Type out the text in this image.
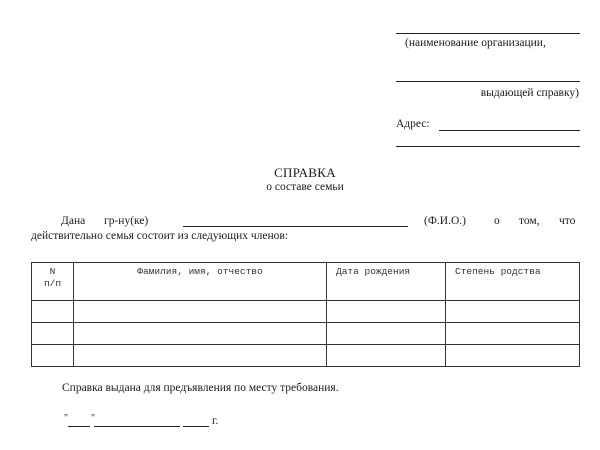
(наименование организации,
выдающей справку)
Адрес:
СПРАВКА
о составе семьи
Дана гр-ну(ке)	(Ф.И.О.) о том, что
действительно семья состоит из следующих членов:
N
п/п	Фамилия, имя, отчество	Дата рождения	Степень родства

Справка выдана для предъявления по месту требования.
" "	г.
